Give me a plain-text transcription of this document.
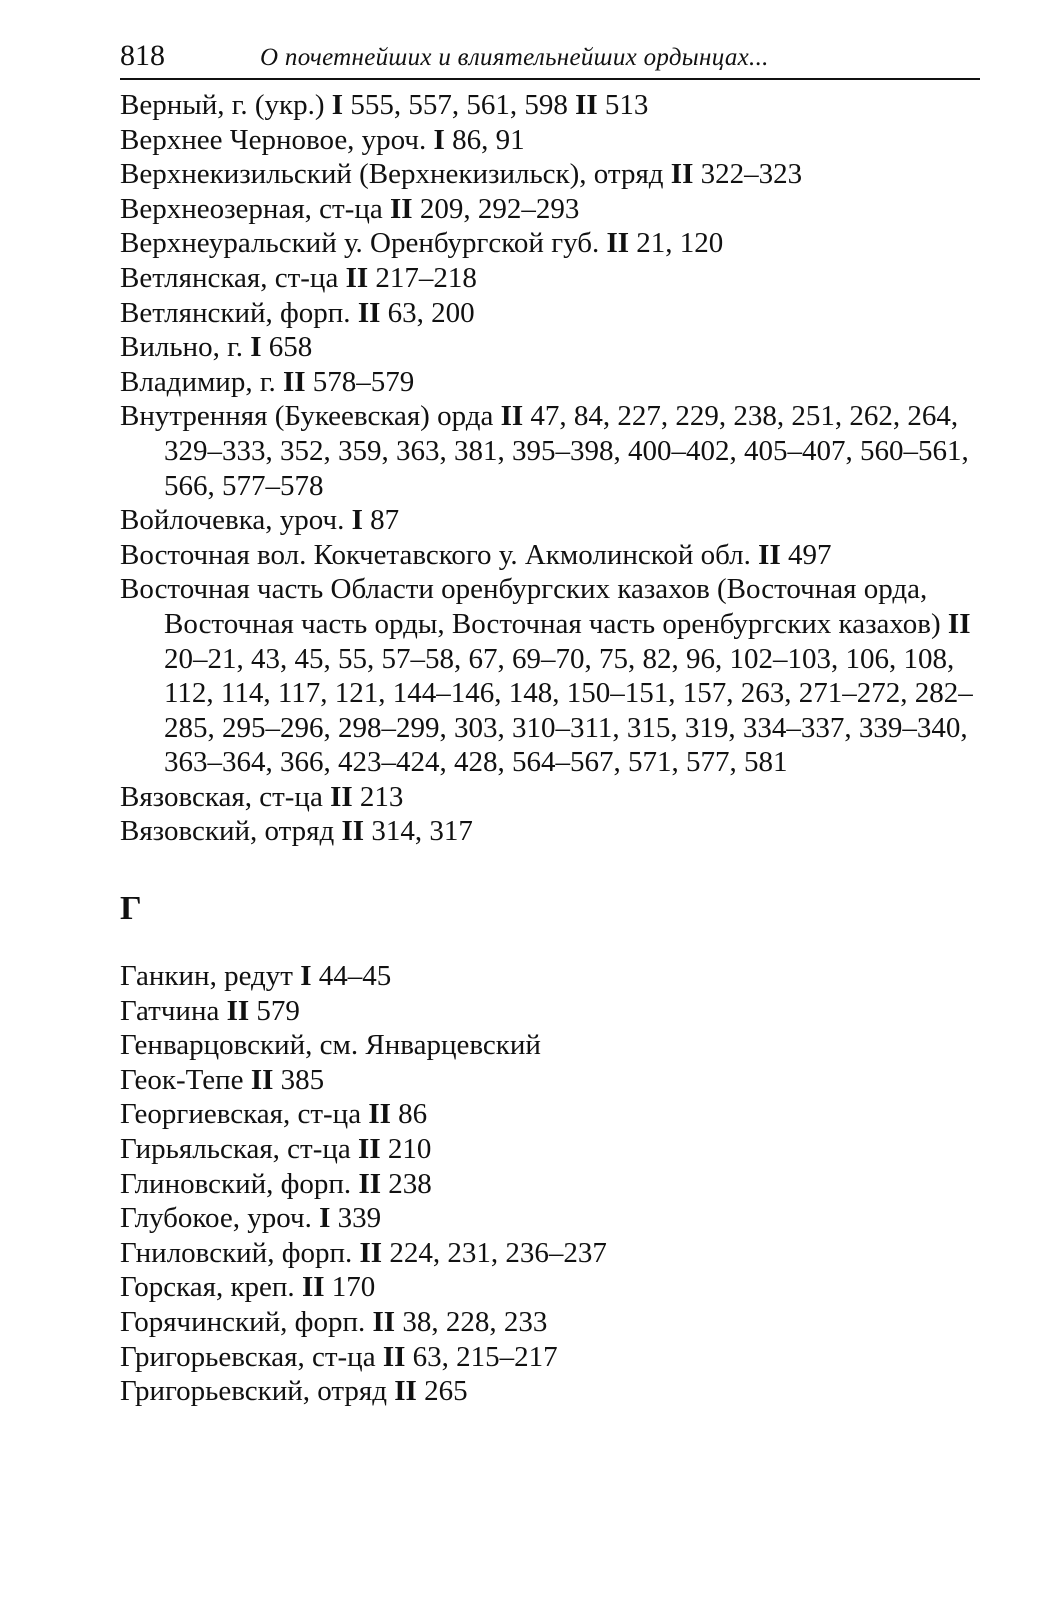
818	О почетнейших и влиятельнейших ордынцах...
Верный, г. (укр.) I 555, 557, 561, 598 II 513
Верхнее Черновое, уроч. I 86, 91
Верхнекизильский (Верхнекизильск), отряд II 322–323
Верхнеозерная, ст-ца II 209, 292–293
Верхнеуральский у. Оренбургской губ. II 21, 120
Ветлянская, ст-ца II 217–218
Ветлянский, форп. II 63, 200
Вильно, г. I 658
Владимир, г. II 578–579
Внутренняя (Букеевская) орда II 47, 84, 227, 229, 238, 251, 262, 264, 329–333, 352, 359, 363, 381, 395–398, 400–402, 405–407, 560–561, 566, 577–578
Войлочевка, уроч. I 87
Восточная вол. Кокчетавского у. Акмолинской обл. II 497
Восточная часть Области оренбургских казахов (Восточная орда, Восточная часть орды, Восточная часть оренбургских казахов) II 20–21, 43, 45, 55, 57–58, 67, 69–70, 75, 82, 96, 102–103, 106, 108, 112, 114, 117, 121, 144–146, 148, 150–151, 157, 263, 271–272, 282–285, 295–296, 298–299, 303, 310–311, 315, 319, 334–337, 339–340, 363–364, 366, 423–424, 428, 564–567, 571, 577, 581
Вязовская, ст-ца II 213
Вязовский, отряд II 314, 317
Г
Ганкин, редут I 44–45
Гатчина II 579
Генварцовский, см. Январцевский
Геок-Тепе II 385
Георгиевская, ст-ца II 86
Гирьяльская, ст-ца II 210
Глиновский, форп. II 238
Глубокое, уроч. I 339
Гниловский, форп. II 224, 231, 236–237
Горская, креп. II 170
Горячинский, форп. II 38, 228, 233
Григорьевская, ст-ца II 63, 215–217
Григорьевский, отряд II 265
